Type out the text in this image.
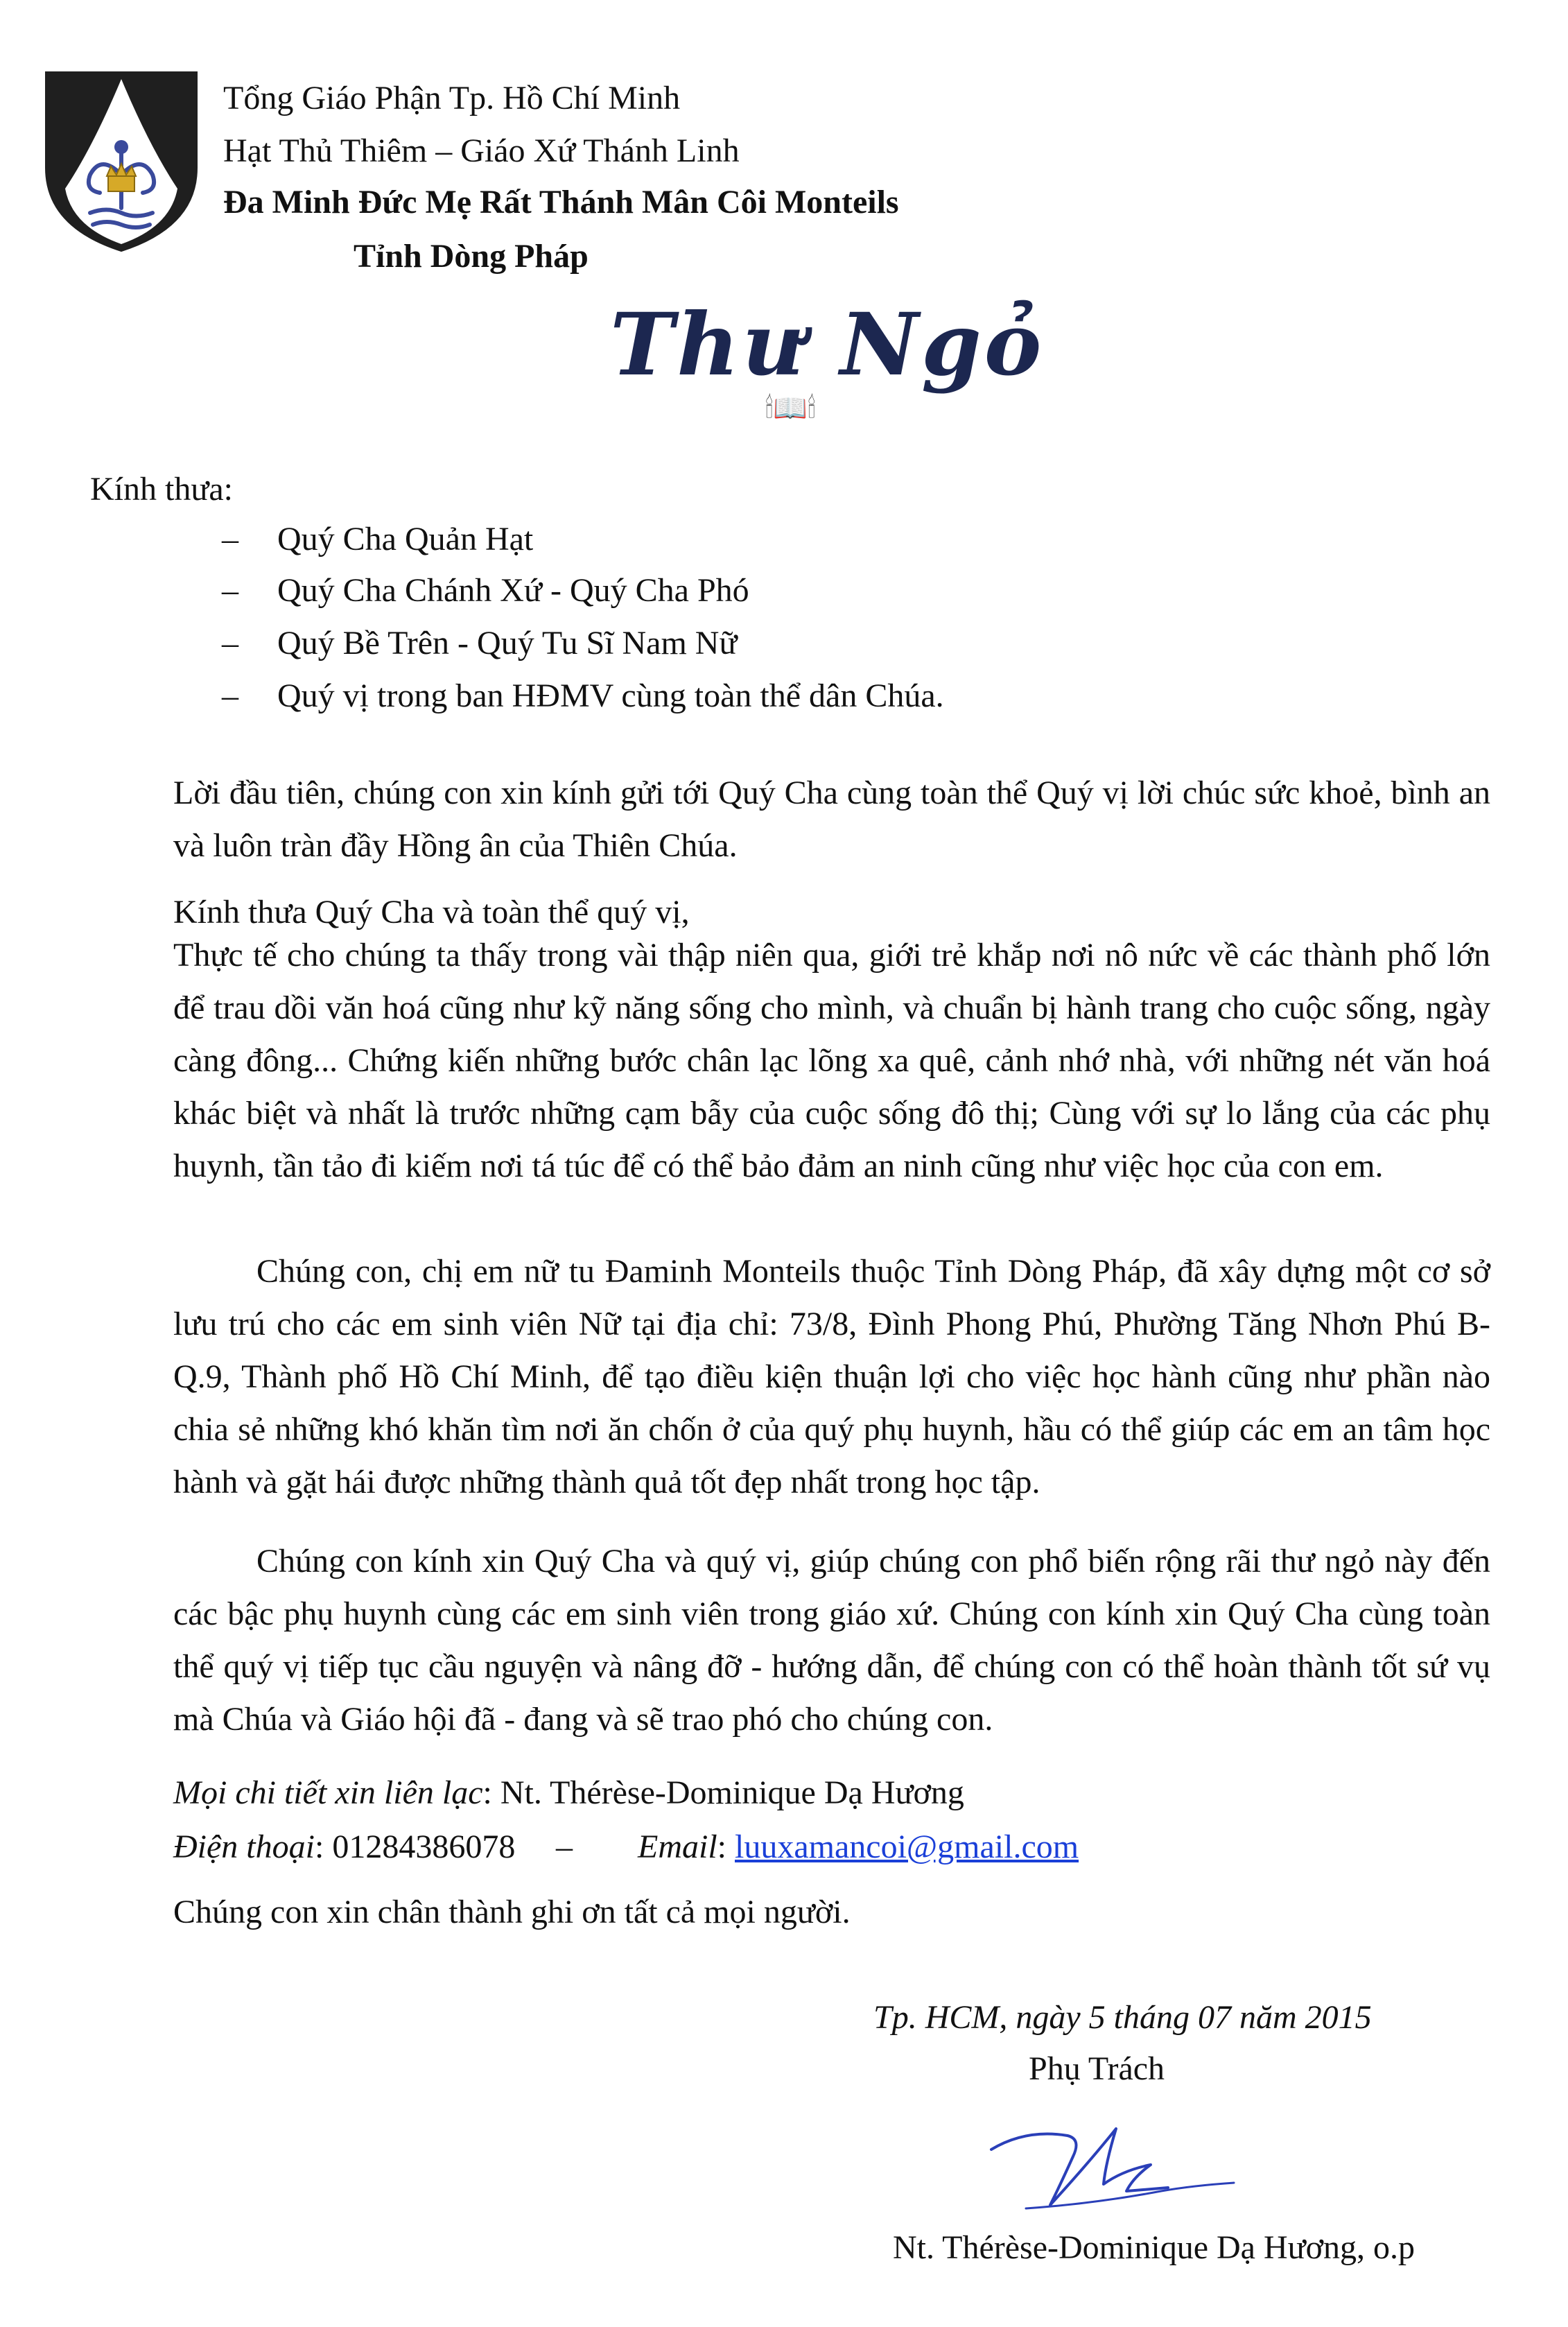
Tổng Giáo Phận Tp. Hồ Chí Minh
Hạt Thủ Thiêm – Giáo Xứ Thánh Linh
Đa Minh Đức Mẹ Rất Thánh Mân Côi Monteils
Tỉnh Dòng Pháp
Thư Ngỏ
🕯📖🕯
Kính thưa:
– Quý Cha Quản Hạt
– Quý Cha Chánh Xứ - Quý Cha Phó
– Quý Bề Trên - Quý Tu Sĩ Nam Nữ
– Quý vị trong ban HĐMV cùng toàn thể dân Chúa.
Lời đầu tiên, chúng con xin kính gửi tới Quý Cha cùng toàn thể Quý vị lời chúc sức khoẻ, bình an và luôn tràn đầy Hồng ân của Thiên Chúa.
Kính thưa Quý Cha và toàn thể quý vị,
Thực tế cho chúng ta thấy trong vài thập niên qua, giới trẻ khắp nơi nô nức về các thành phố lớn để trau dồi văn hoá cũng như kỹ năng sống cho mình, và chuẩn bị hành trang cho cuộc sống, ngày càng đông... Chứng kiến những bước chân lạc lõng xa quê, cảnh nhớ nhà, với những nét văn hoá khác biệt và nhất là trước những cạm bẫy của cuộc sống đô thị; Cùng với sự lo lắng của các phụ huynh, tần tảo đi kiếm nơi tá túc để có thể bảo đảm an ninh cũng như việc học của con em.
Chúng con, chị em nữ tu Đaminh Monteils thuộc Tỉnh Dòng Pháp, đã xây dựng một cơ sở lưu trú cho các em sinh viên Nữ tại địa chỉ: 73/8, Đình Phong Phú, Phường Tăng Nhơn Phú B- Q.9, Thành phố Hồ Chí Minh, để tạo điều kiện thuận lợi cho việc học hành cũng như phần nào chia sẻ những khó khăn tìm nơi ăn chốn ở của quý phụ huynh, hầu có thể giúp các em an tâm học hành và gặt hái được những thành quả tốt đẹp nhất trong học tập.
Chúng con kính xin Quý Cha và quý vị, giúp chúng con phổ biến rộng rãi thư ngỏ này đến các bậc phụ huynh cùng các em sinh viên trong giáo xứ. Chúng con kính xin Quý Cha cùng toàn thể quý vị tiếp tục cầu nguyện và nâng đỡ - hướng dẫn, để chúng con có thể hoàn thành tốt sứ vụ mà Chúa và Giáo hội đã - đang và sẽ trao phó cho chúng con.
Mọi chi tiết xin liên lạc: Nt. Thérèse-Dominique Dạ Hương
Điện thoại: 01284386078 – Email: luuxamancoi@gmail.com
Chúng con xin chân thành ghi ơn tất cả mọi người.
Tp. HCM, ngày 5 tháng 07 năm 2015
Phụ Trách
Nt. Thérèse-Dominique Dạ Hương, o.p
